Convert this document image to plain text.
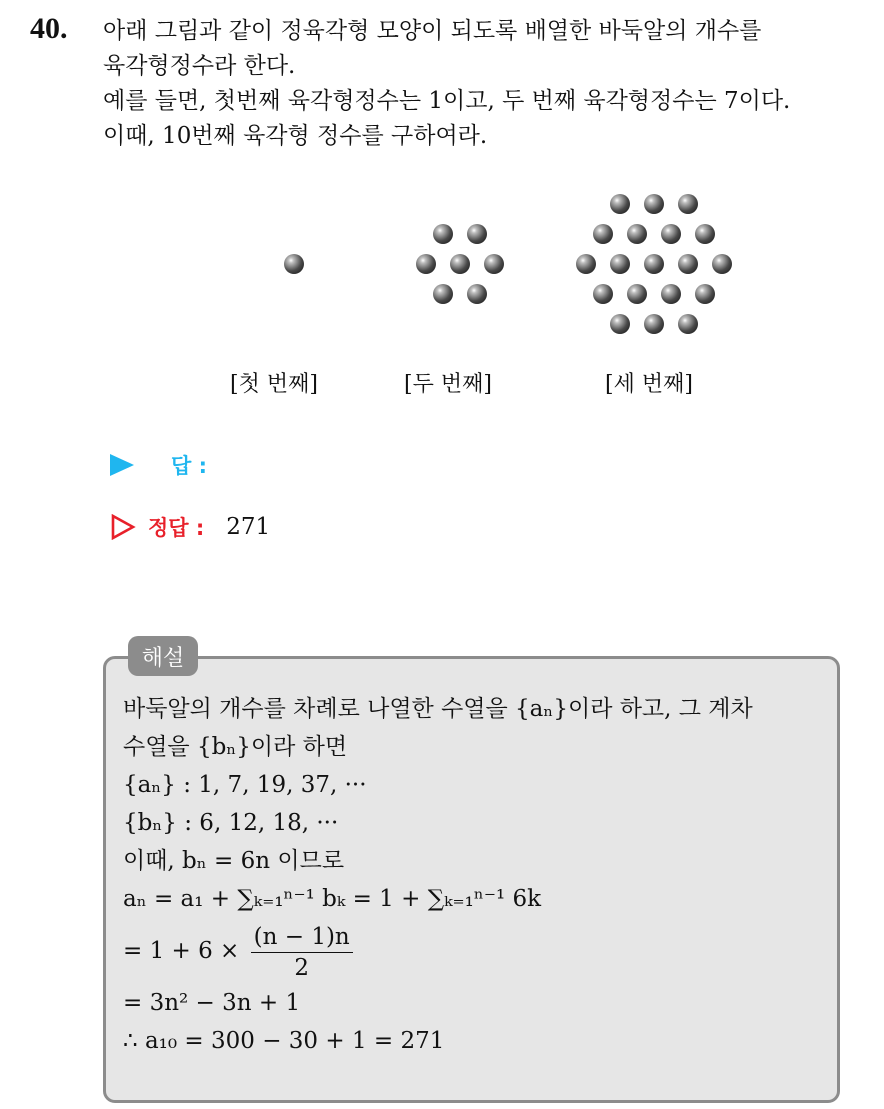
40. 아래 그림과 같이 정육각형 모양이 되도록 배열한 바둑알의 개수를
육각형정수라 한다.
예를 들면, 첫번째 육각형정수는 1이고, 두 번째 육각형정수는 7이다.
이때, 10번째 육각형 정수를 구하여라.
[첫 번째]	[두 번째]	[세 번째]
답 :
정답 : 271
해설
바둑알의 개수를 차례로 나열한 수열을 {aₙ}이라 하고, 그 계차
수열을 {bₙ}이라 하면
{aₙ} : 1, 7, 19, 37, ···
{bₙ} : 6, 12, 18, ···
이때, bₙ = 6n 이므로
aₙ = a₁ + ∑ₖ₌₁ⁿ⁻¹ bₖ = 1 + ∑ₖ₌₁ⁿ⁻¹ 6k
= $1 + 6 \times \frac{(n - 1)n}{2}$
= 3n² − 3n + 1
∴ a₁₀ = 300 − 30 + 1 = 271
